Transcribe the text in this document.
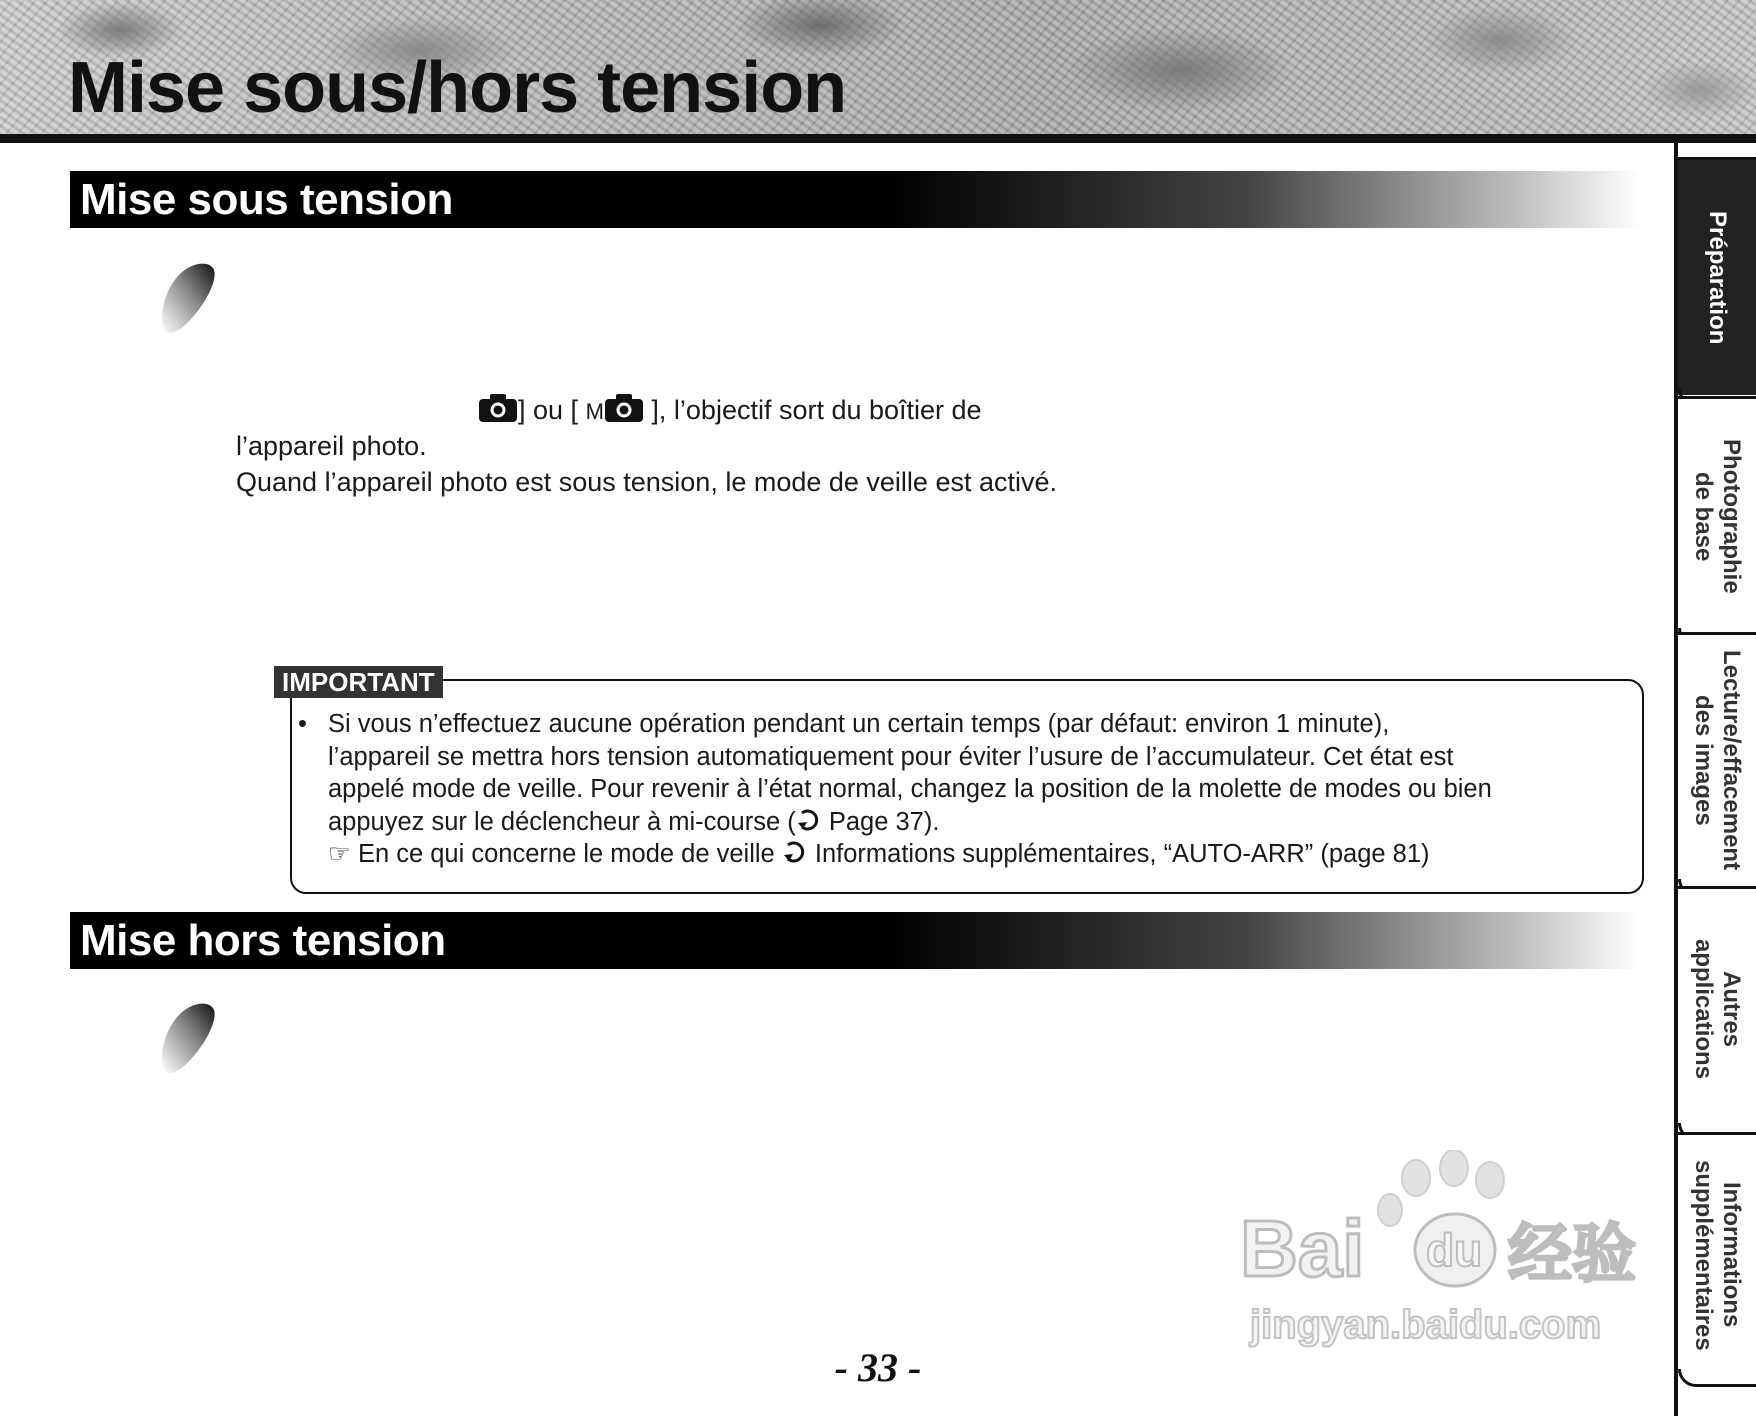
Mise sous/hors tension
Préparation
Photographie
de base
Lecture/effacement
des images
Autres
applications
Informations
supplémentaires
Mise sous tension
] ou [ M ], l’objectif sort du boîtier de
l’appareil photo.
Quand l’appareil photo est sous tension, le mode de veille est activé.
IMPORTANT
• Si vous n’effectuez aucune opération pendant un certain temps (par défaut: environ 1 minute),
l’appareil se mettra hors tension automatiquement pour éviter l’usure de l’accumulateur. Cet état est
appelé mode de veille. Pour revenir à l’état normal, changez la position de la molette de modes ou bien
appuyez sur le déclencheur à mi-course ( Page 37).
☞ En ce qui concerne le mode de veille  Informations supplémentaires, “AUTO-ARR” (page 81)
Mise hors tension
Bai du 经验
jingyan.baidu.com
- 33 -
